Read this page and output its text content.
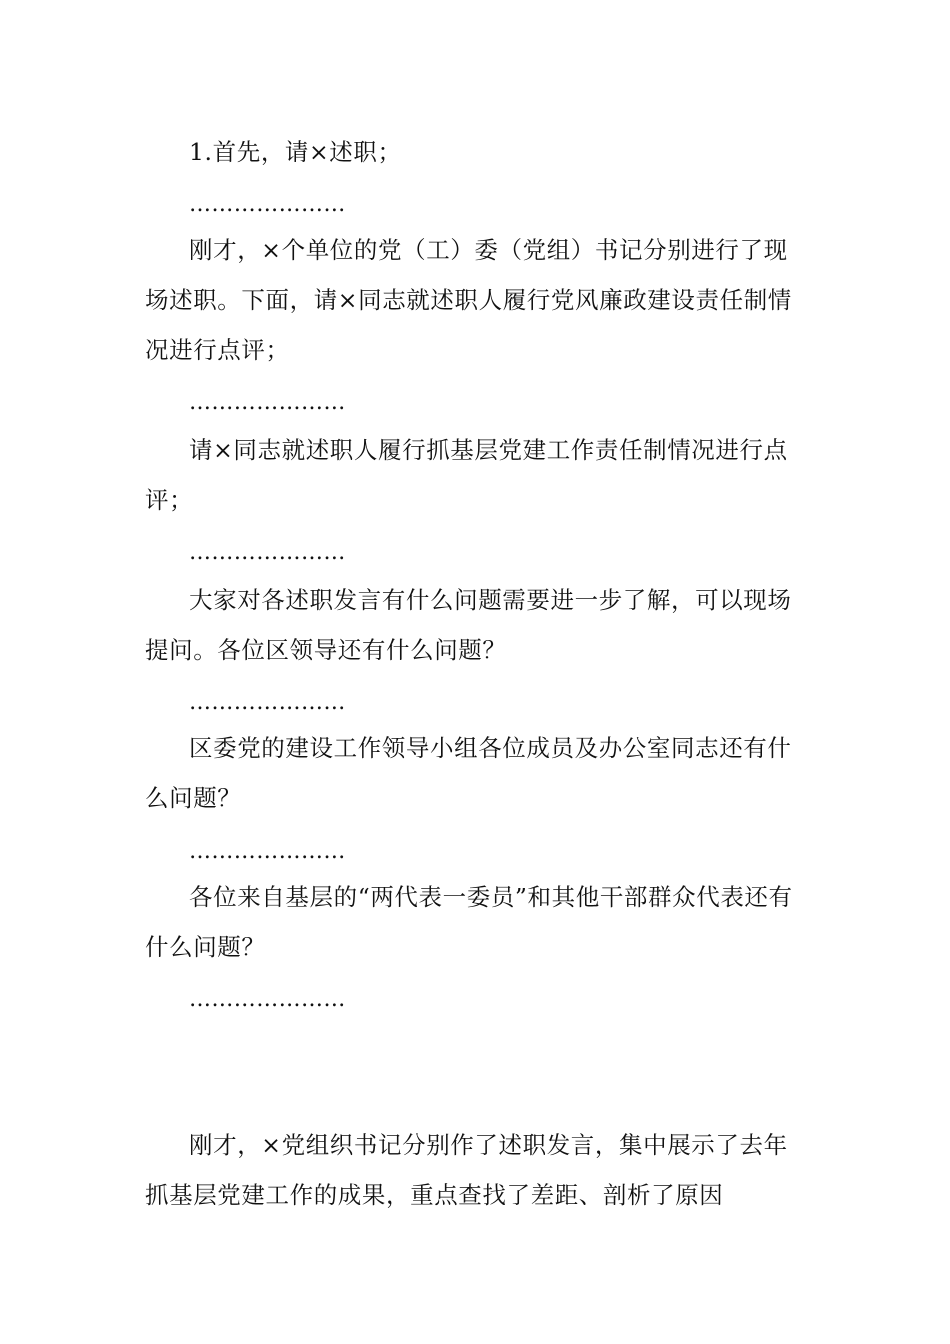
1.首先，请×述职；

…………………

刚才，×个单位的党（工）委（党组）书记分别进行了现场述职。下面，请×同志就述职人履行党风廉政建设责任制情况进行点评；

…………………

请×同志就述职人履行抓基层党建工作责任制情况进行点评；

…………………

大家对各述职发言有什么问题需要进一步了解，可以现场提问。各位区领导还有什么问题？

…………………

区委党的建设工作领导小组各位成员及办公室同志还有什么问题？

…………………

各位来自基层的“两代表一委员”和其他干部群众代表还有什么问题？

…………………

刚才，×党组织书记分别作了述职发言，集中展示了去年抓基层党建工作的成果，重点查找了差距、剖析了原因
